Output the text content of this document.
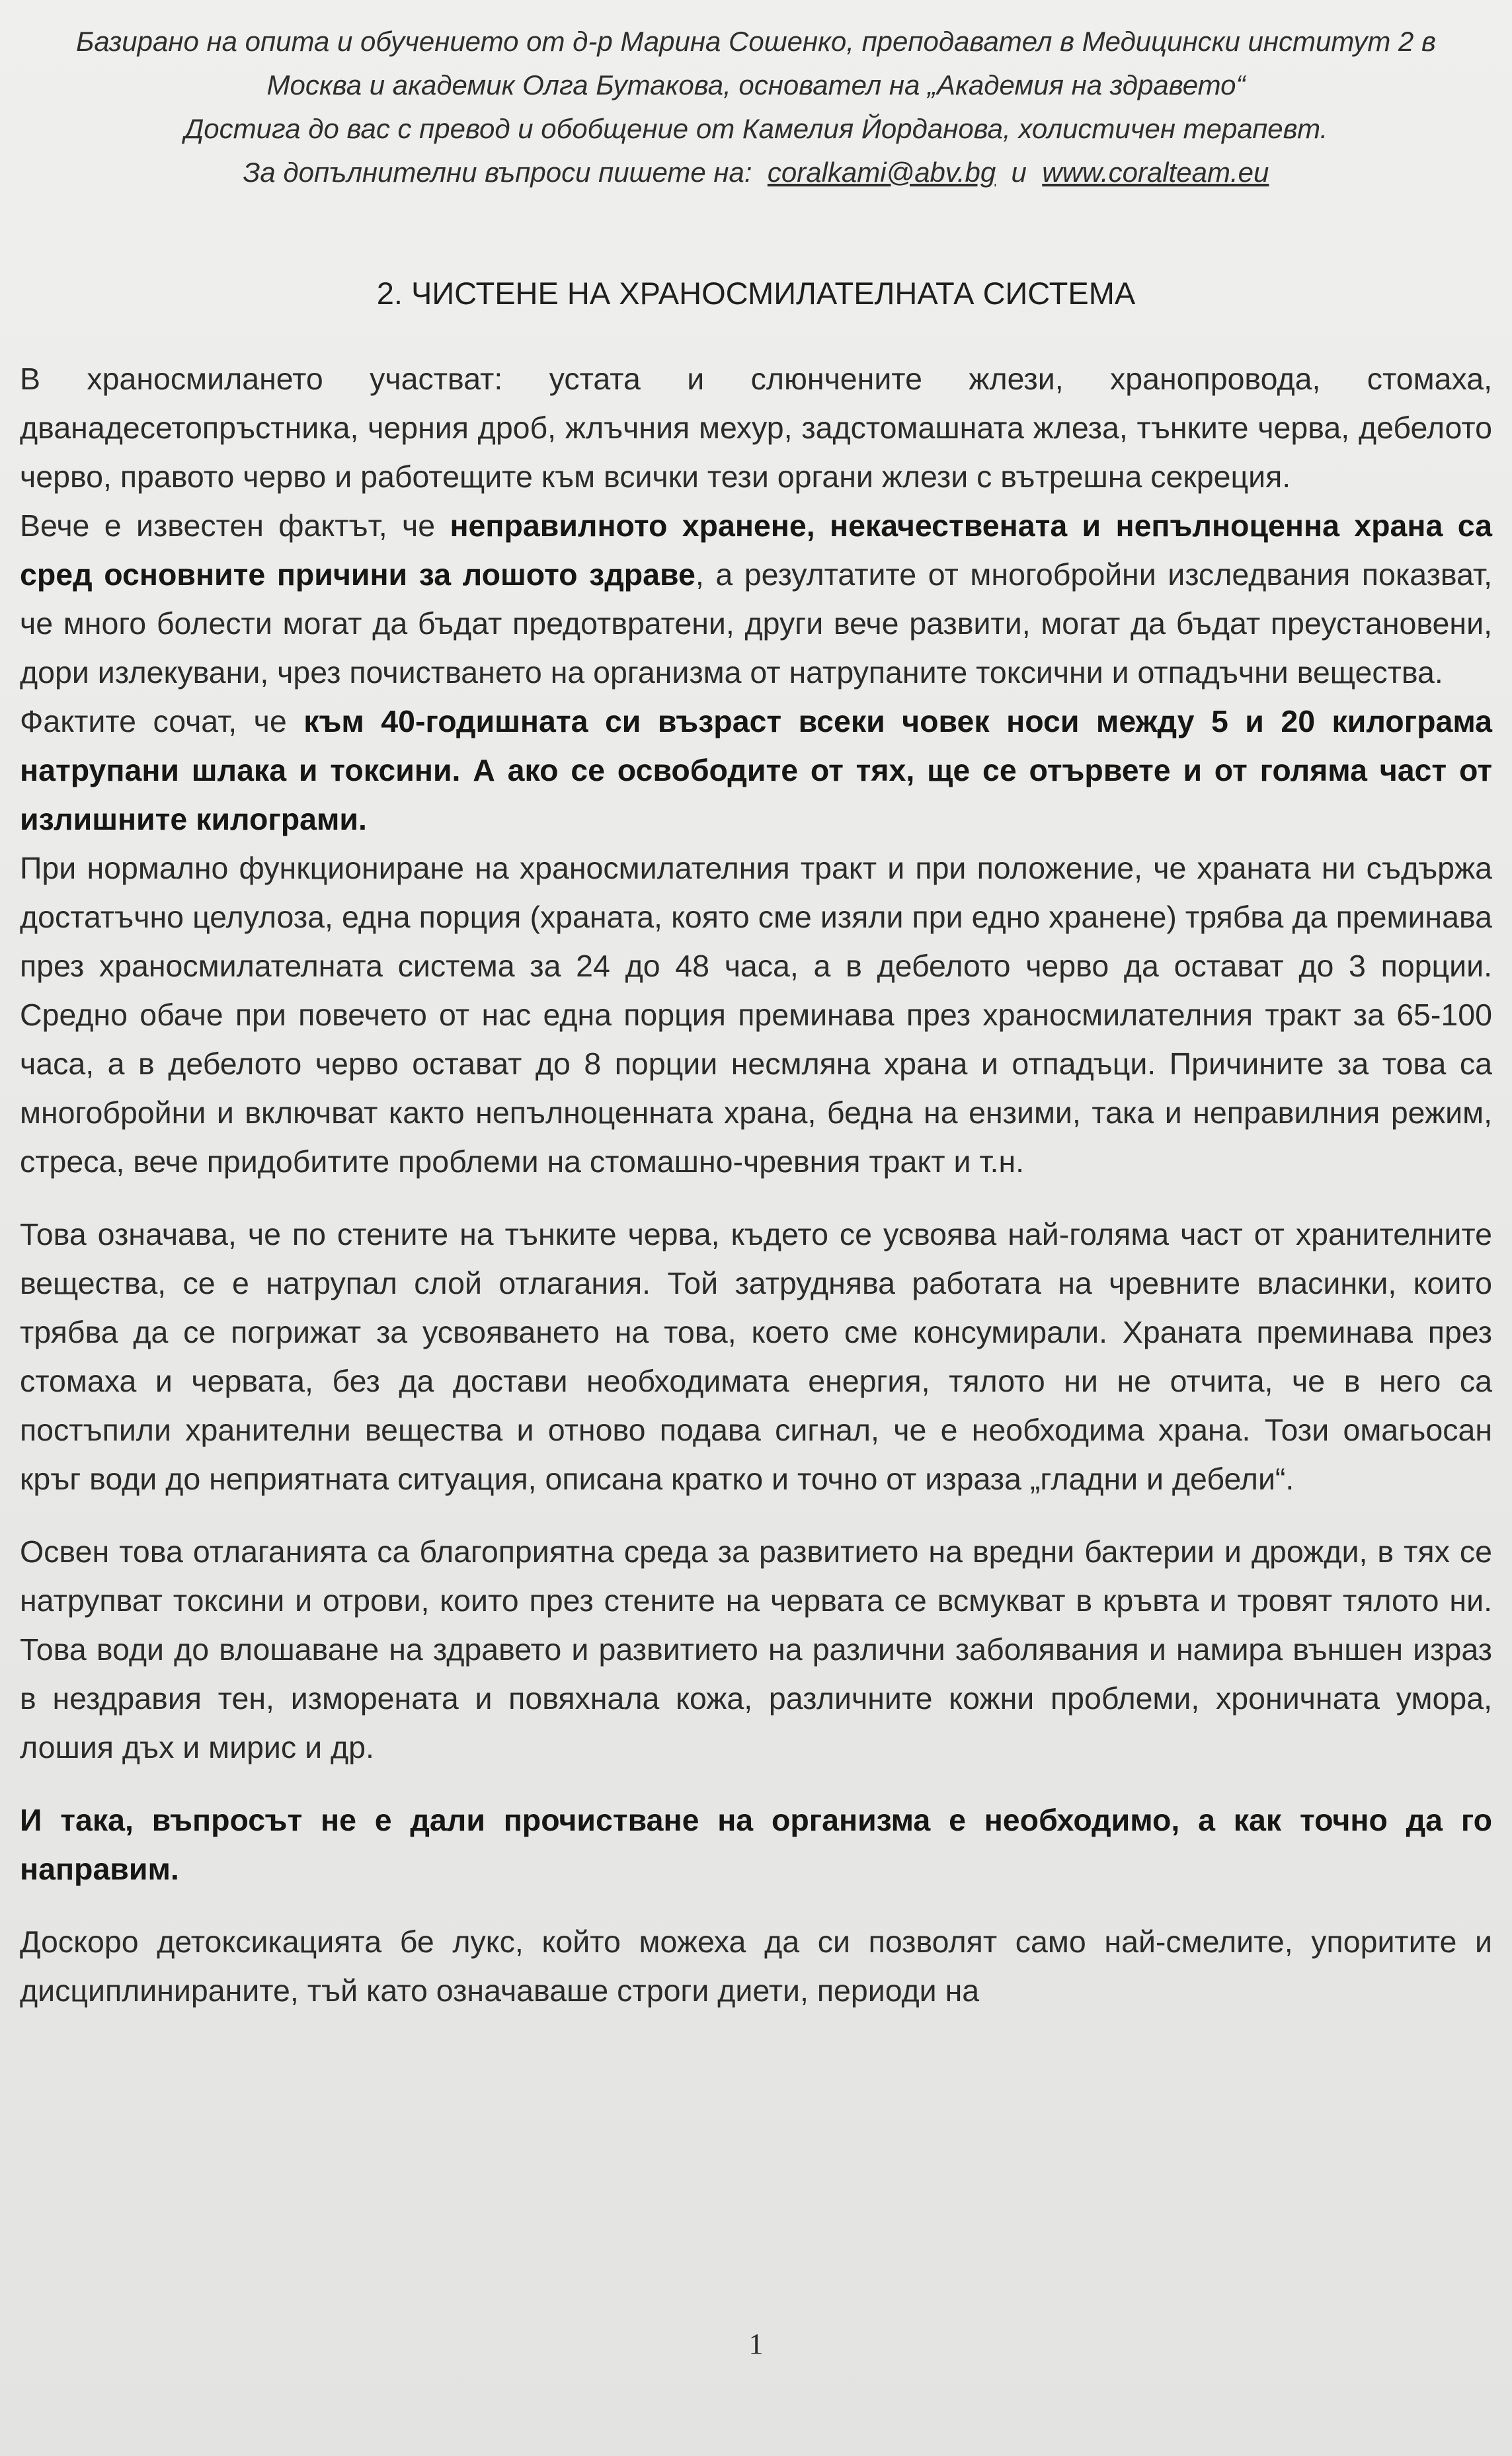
Базирано на опита и обучението от д-р Марина Сошенко, преподавател в Медицински институт 2 в
Москва и академик Олга Бутакова, основател на „Академия на здравето“
Достига до вас с превод и обобщение от Камелия Йорданова, холистичен терапевт.
За допълнителни въпроси пишете на: coralkami@abv.bg и www.coralteam.eu
2. ЧИСТЕНЕ НА ХРАНОСМИЛАТЕЛНАТА СИСТЕМА

В храносмилането участват: устата и слюнчените жлези, хранопровода, стомаха, дванадесетопръстника, черния дроб, жлъчния мехур, задстомашната жлеза, тънките черва, дебелото черво, правото черво и работещите към всички тези органи жлези с вътрешна секреция.

Вече е известен фактът, че неправилното хранене, некачествената и непълноценна храна са сред основните причини за лошото здраве, а резултатите от многобройни изследвания показват, че много болести могат да бъдат предотвратени, други вече развити, могат да бъдат преустановени, дори излекувани, чрез почистването на организма от натрупаните токсични и отпадъчни вещества.

Фактите сочат, че към 40-годишната си възраст всеки човек носи между 5 и 20 килограма натрупани шлака и токсини. А ако се освободите от тях, ще се отървете и от голяма част от излишните килограми.

При нормално функциониране на храносмилателния тракт и при положение, че храната ни съдържа достатъчно целулоза, една порция (храната, която сме изяли при едно хранене) трябва да преминава през храносмилателната система за 24 до 48 часа, а в дебелото черво да остават до 3 порции. Средно обаче при повечето от нас една порция преминава през храносмилателния тракт за 65-100 часа, а в дебелото черво остават до 8 порции несмляна храна и отпадъци. Причините за това са многобройни и включват както непълноценната храна, бедна на ензими, така и неправилния режим, стреса, вече придобитите проблеми на стомашно-чревния тракт и т.н.

Това означава, че по стените на тънките черва, където се усвоява най-голяма част от хранителните вещества, се е натрупал слой отлагания. Той затруднява работата на чревните власинки, които трябва да се погрижат за усвояването на това, което сме консумирали. Храната преминава през стомаха и червата, без да достави необходимата енергия, тялото ни не отчита, че в него са постъпили хранителни вещества и отново подава сигнал, че е необходима храна. Този омагьосан кръг води до неприятната ситуация, описана кратко и точно от израза „гладни и дебели“.

Освен това отлаганията са благоприятна среда за развитието на вредни бактерии и дрожди, в тях се натрупват токсини и отрови, които през стените на червата се всмукват в кръвта и тровят тялото ни. Това води до влошаване на здравето и развитието на различни заболявания и намира външен израз в нездравия тен, изморената и повяхнала кожа, различните кожни проблеми, хроничната умора, лошия дъх и мирис и др.

И така, въпросът не е дали прочистване на организма е необходимо, а как точно да го направим.

Доскоро детоксикацията бе лукс, който можеха да си позволят само най-смелите, упоритите и дисциплинираните, тъй като означаваше строги диети, периоди на

1
